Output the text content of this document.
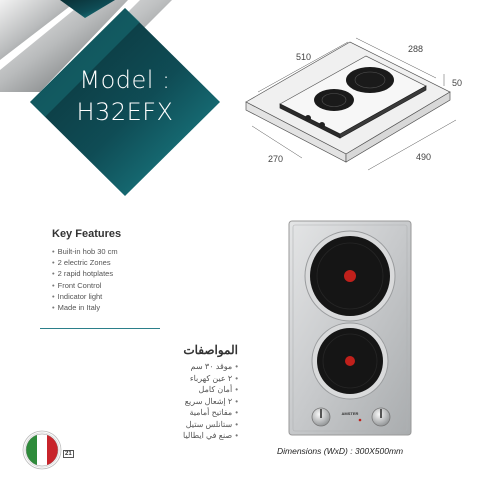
Model :
H32EFX
510
288
50
270	490
Key Features
• Built-in hob 30 cm
• 2 electric Zones
• 2 rapid hotplates
• Front Control
• Indicator light
• Made in Italy
المواصفات
• موقد ٣٠ سم
• ٢ عين كهرباء
• أمان كامل
• ٢ إشعال سريع
• مفاتيح أمامية
• ستانلس ستيل
• صنع في ايطاليا
21
AMSTER
Dimensions (WxD) : 300X500mm
